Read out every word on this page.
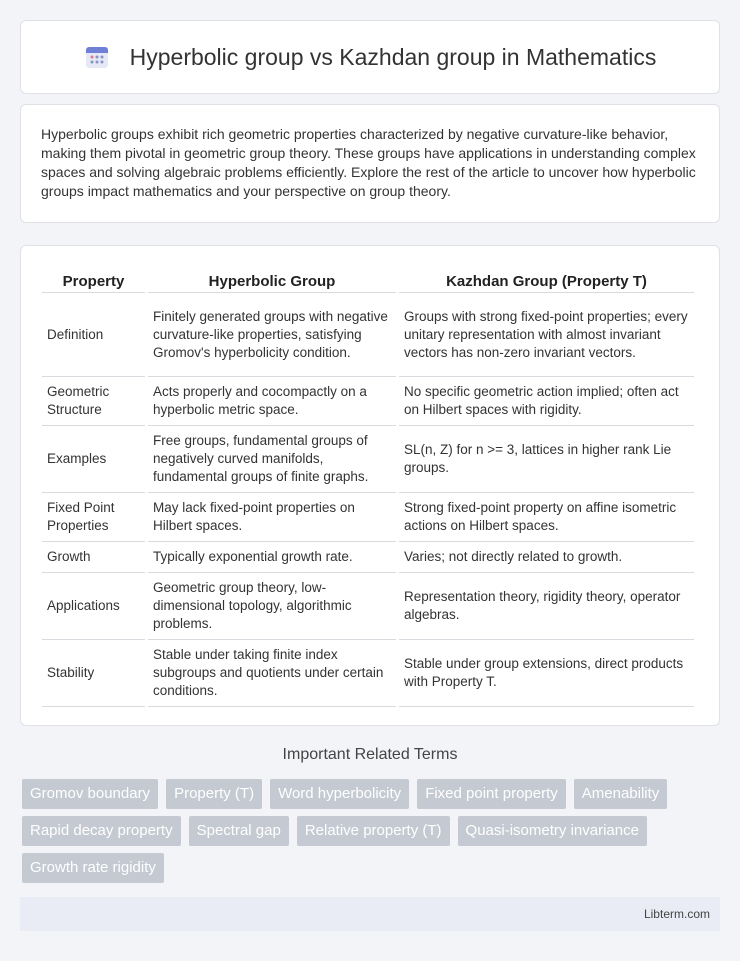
Hyperbolic group vs Kazhdan group in Mathematics

Hyperbolic groups exhibit rich geometric properties characterized by negative curvature-like behavior, making them pivotal in geometric group theory. These groups have applications in understanding complex spaces and solving algebraic problems efficiently. Explore the rest of the article to uncover how hyperbolic groups impact mathematics and your perspective on group theory.

Property	Hyperbolic Group	Kazhdan Group (Property T)
Definition	Finitely generated groups with negative curvature-like properties, satisfying Gromov's hyperbolicity condition.	Groups with strong fixed-point properties; every unitary representation with almost invariant vectors has non-zero invariant vectors.
Geometric Structure	Acts properly and cocompactly on a hyperbolic metric space.	No specific geometric action implied; often act on Hilbert spaces with rigidity.
Examples	Free groups, fundamental groups of negatively curved manifolds, fundamental groups of finite graphs.	SL(n, Z) for n >= 3, lattices in higher rank Lie groups.
Fixed Point Properties	May lack fixed-point properties on Hilbert spaces.	Strong fixed-point property on affine isometric actions on Hilbert spaces.
Growth	Typically exponential growth rate.	Varies; not directly related to growth.
Applications	Geometric group theory, low-dimensional topology, algorithmic problems.	Representation theory, rigidity theory, operator algebras.
Stability	Stable under taking finite index subgroups and quotients under certain conditions.	Stable under group extensions, direct products with Property T.
Important Related Terms
Gromov boundary	Property (T)	Word hyperbolicity	Fixed point property	Amenability
Rapid decay property	Spectral gap	Relative property (T)	Quasi-isometry invariance
Growth rate rigidity
Libterm.com
